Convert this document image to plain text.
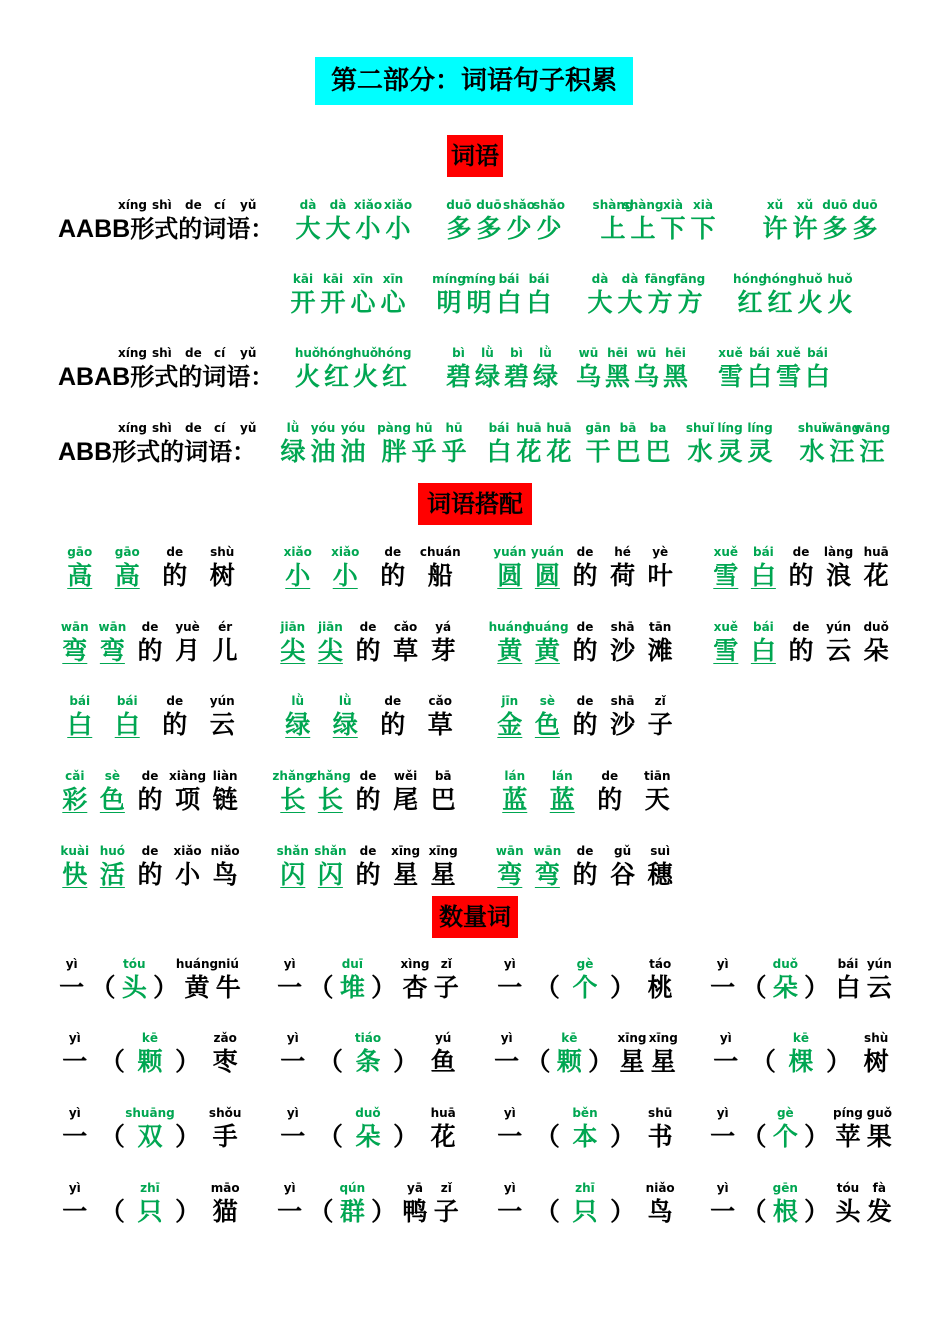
第二部分：词语句子积累
词语
词语搭配
数量词
AABB 形式的词语：
xíng shì de cí yǔ
ABAB 形式的词语：
xíng shì de cí yǔ
ABB 形式的词语：
xíng shì de cí yǔ
dà
大
dà
大
xiǎo
小
xiǎo
小
duō
多
duō
多
shǎo
少
shǎo
少
shàng
上
shàng
上
xià
下
xià
下
xǔ
许
xǔ
许
duō
多
duō
多
kāi
开
kāi
开
xīn
心
xīn
心
míng
明
míng
明
bái
白
bái
白
dà
大
dà
大
fāng
方
fāng
方
hóng
红
hóng
红
huǒ
火
huǒ
火
huǒ
火
hóng
红
huǒ
火
hóng
红
bì
碧
lǜ
绿
bì
碧
lǜ
绿
wū
乌
hēi
黑
wū
乌
hēi
黑
xuě
雪
bái
白
xuě
雪
bái
白
lǜ
绿
yóu
油
yóu
油
pàng
胖
hū
乎
hū
乎
bái
白
huā
花
huā
花
gān
干
bā
巴
ba
巴
shuǐ
水
líng
灵
líng
灵
shuǐ
水
wāng
汪
wāng
汪
gāo
高
gāo
高
de
的
shù
树
xiǎo
小
xiǎo
小
de
的
chuán
船
yuán
圆
yuán
圆
de
的
hé
荷
yè
叶
xuě
雪
bái
白
de
的
làng
浪
huā
花
wān
弯
wān
弯
de
的
yuè
月
ér
儿
jiān
尖
jiān
尖
de
的
cǎo
草
yá
芽
huáng
黄
huáng
黄
de
的
shā
沙
tān
滩
xuě
雪
bái
白
de
的
yún
云
duǒ
朵
bái
白
bái
白
de
的
yún
云
lǜ
绿
lǜ
绿
de
的
cǎo
草
jīn
金
sè
色
de
的
shā
沙
zǐ
子
cǎi
彩
sè
色
de
的
xiàng
项
liàn
链
zhǎng
长
zhǎng
长
de
的
wěi
尾
bā
巴
lán
蓝
lán
蓝
de
的
tiān
天
kuài
快
huó
活
de
的
xiǎo
小
niǎo
鸟
shǎn
闪
shǎn
闪
de
的
xīng
星
xīng
星
wān
弯
wān
弯
de
的
gǔ
谷
suì
穗
yì
一 （
tóu
头 ）
huáng
黄
niú
牛
yì
一 （
duī
堆 ）
xìng
杏
zǐ
子
yì
一 （
gè
个 ）
táo
桃
yì
一 （
duǒ
朵 ）
bái
白
yún
云
yì
一 （
kē
颗 ）
zǎo
枣
yì
一 （
tiáo
条 ）
yú
鱼
yì
一 （
kē
颗 ）
xīng
星
xīng
星
yì
一 （
kē
棵 ）
shù
树
yì
一 （
shuāng
双 ）
shǒu
手
yì
一 （
duǒ
朵 ）
huā
花
yì
一 （
běn
本 ）
shū
书
yì
一 （
gè
个 ）
píng
苹
guǒ
果
yì
一 （
zhī
只 ）
māo
猫
yì
一 （
qún
群 ）
yā
鸭
zǐ
子
yì
一 （
zhī
只 ）
niǎo
鸟
yì
一 （
gēn
根 ）
tóu
头
fà
发
